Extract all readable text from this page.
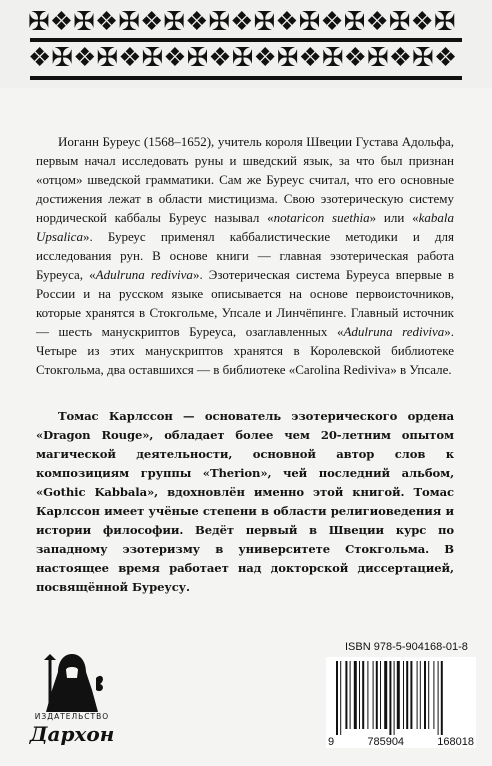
✠❖✠❖✠❖✠❖✠❖✠❖✠❖✠❖✠❖✠
❖✠❖✠❖✠❖✠❖✠❖✠❖✠❖✠❖✠❖

Иоганн Буреус (1568–1652), учитель короля Швеции Густава Адольфа, первым начал исследовать руны и шведский язык, за что был признан «отцом» шведской грамматики. Сам же Буреус считал, что его основные достижения лежат в области мистицизма. Свою эзотерическую систему нордической каббалы Буреус называл «notaricon suethia» или «kabala Upsalica». Буреус применял каббалистические методики и для исследования рун. В основе книги — главная эзотерическая работа Буреуса, «Adulruna rediviva». Эзотерическая система Буреуса впервые в России и на русском языке описывается на основе первоисточников, которые хранятся в Стокгольме, Упсале и Линчёпинге. Главный источник — шесть манускриптов Буреуса, озаглавленных «Adulruna rediviva». Четыре из этих манускриптов хранятся в Королевской библиотеке Стокгольма, два оставшихся — в библиотеке «Carolina Rediviva» в Упсале.

Томас Карлссон — основатель эзотерического ордена «Dragon Rouge», обладает более чем 20-летним опытом магической деятельности, основной автор слов к композициям группы «Therion», чей последний альбом, «Gothic Kabbala», вдохновлён именно этой книгой. Томас Карлссон имеет учёные степени в области религиоведения и истории философии. Ведёт первый в Швеции курс по западному эзотеризму в университете Стокгольма. В настоящее время работает над докторской диссертацией, посвящённой Буреусу.

ИЗДАТЕЛЬСТВО
Дархон
ISBN 978-5-904168-01-8
9	785904	168018
